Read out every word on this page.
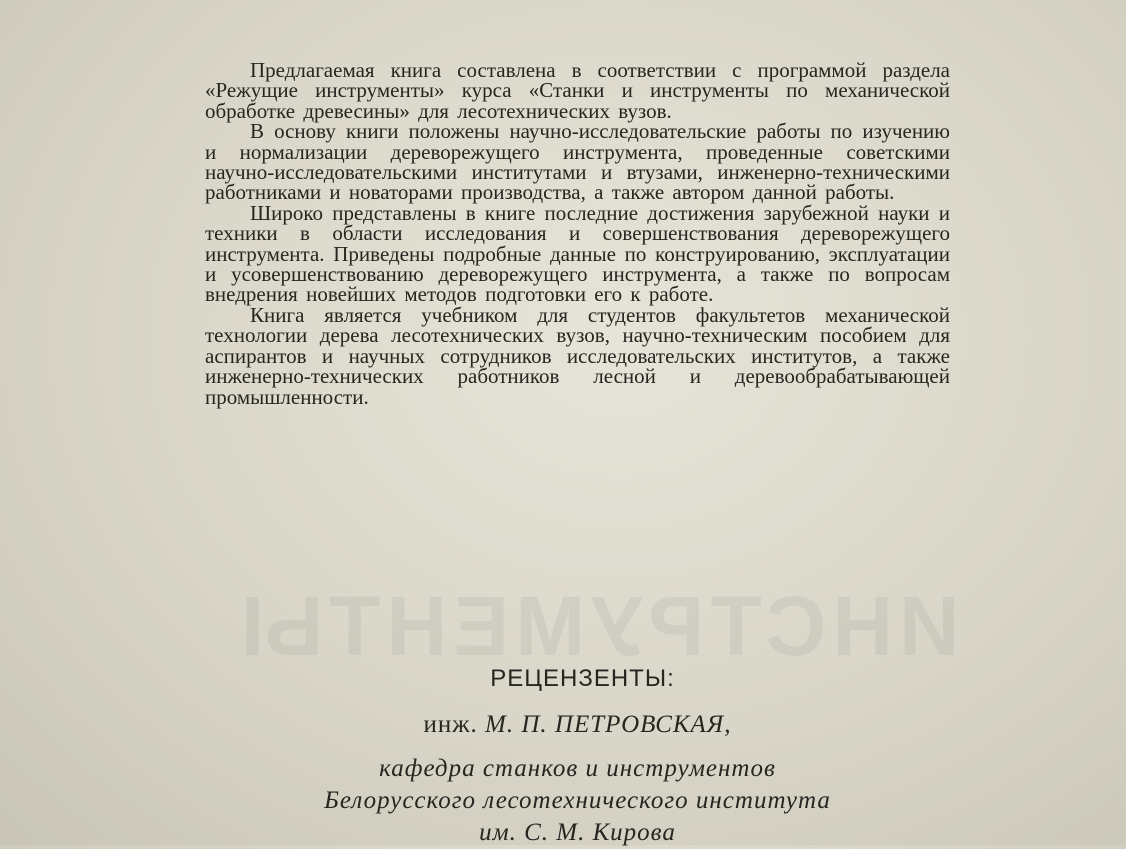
ИНСТРУМЕНТЫ

Предлагаемая книга составлена в соответствии с программой раздела «Режущие инструменты» курса «Станки и инструменты по механической обработке древесины» для лесотехнических вузов.

В основу книги положены научно-исследовательские работы по изучению и нормализации дереворежущего инструмента, проведенные советскими научно-исследовательскими институтами и втузами, инженерно-техническими работниками и новаторами производства, а также автором данной работы.

Широко представлены в книге последние достижения зарубежной науки и техники в области исследования и совершенствования дереворежущего инструмента. Приведены подробные данные по конструированию, эксплуатации и усовершенствованию дереворежущего инструмента, а также по вопросам внедрения новейших методов подготовки его к работе.

Книга является учебником для студентов факультетов механической технологии дерева лесотехнических вузов, научно-техническим пособием для аспирантов и научных сотрудников исследовательских институтов, а также инженерно-технических работников лесной и деревообрабатывающей промышленности.

РЕЦЕНЗЕНТЫ:

инж. М. П. ПЕТРОВСКАЯ,

кафедра станков и инструментов

Белорусского лесотехнического института

им. С. М. Кирова
